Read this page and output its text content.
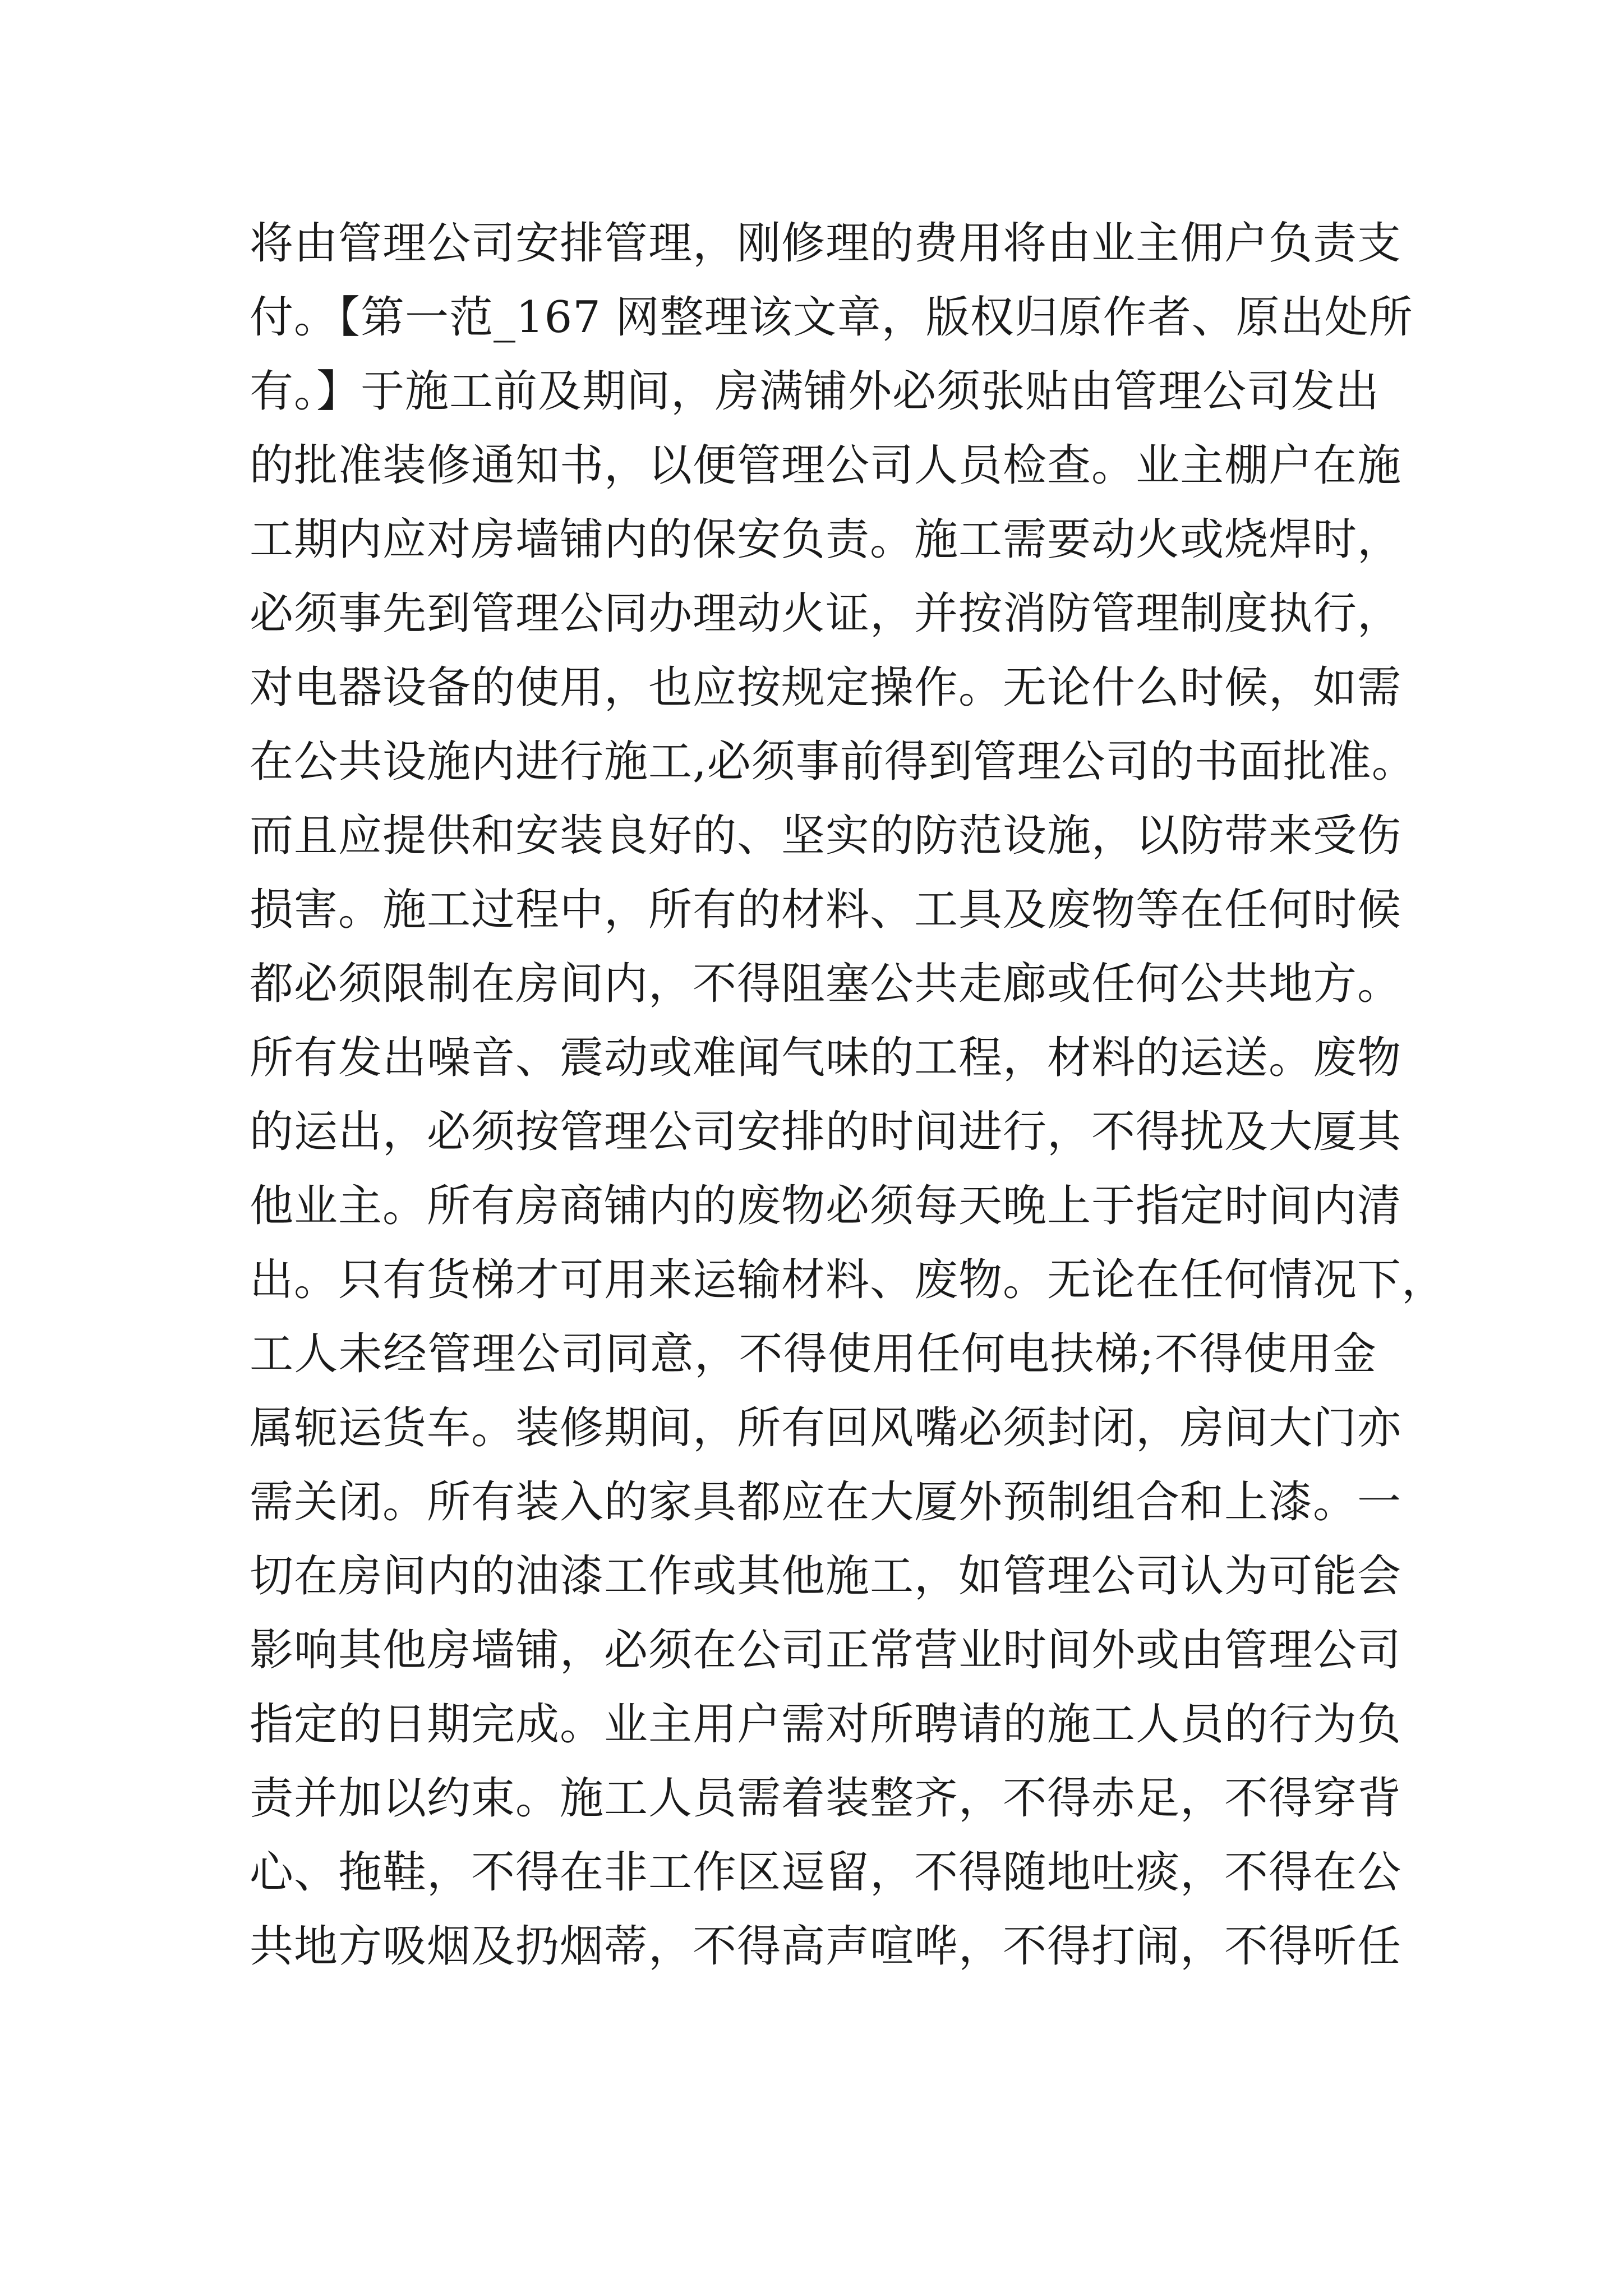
将由管理公司安排管理，刚修理的费用将由业主佣户负责支
付。【第一范_167 网整理该文章，版权归原作者、原出处所
有。】于施工前及期间，房满铺外必须张贴由管理公司发出
的批准装修通知书，以便管理公司人员检查。业主棚户在施
工期内应对房墙铺内的保安负责。施工需要动火或烧焊时，
必须事先到管理公同办理动火证，并按消防管理制度执行，
对电器设备的使用，也应按规定操作。无论什么时候，如需
在公共设施内进行施工,必须事前得到管理公司的书面批准。
而且应提供和安装良好的、坚实的防范设施，以防带来受伤
损害。施工过程中，所有的材料、工具及废物等在任何时候
都必须限制在房间内，不得阻塞公共走廊或任何公共地方。
所有发出噪音、震动或难闻气味的工程，材料的运送。废物
的运出，必须按管理公司安排的时间进行，不得扰及大厦其
他业主。所有房商铺内的废物必须每天晚上于指定时间内清
出。只有货梯才可用来运输材料、废物。无论在任何情况下，
工人未经管理公司同意，不得使用任何电扶梯;不得使用金
属轭运货车。装修期间，所有回风嘴必须封闭，房间大门亦
需关闭。所有装入的家具都应在大厦外预制组合和上漆。一
切在房间内的油漆工作或其他施工，如管理公司认为可能会
影响其他房墙铺，必须在公司正常营业时间外或由管理公司
指定的日期完成。业主用户需对所聘请的施工人员的行为负
责并加以约束。施工人员需着装整齐，不得赤足，不得穿背
心、拖鞋，不得在非工作区逗留，不得随地吐痰，不得在公
共地方吸烟及扔烟蒂，不得高声喧哗，不得打闹，不得听任
